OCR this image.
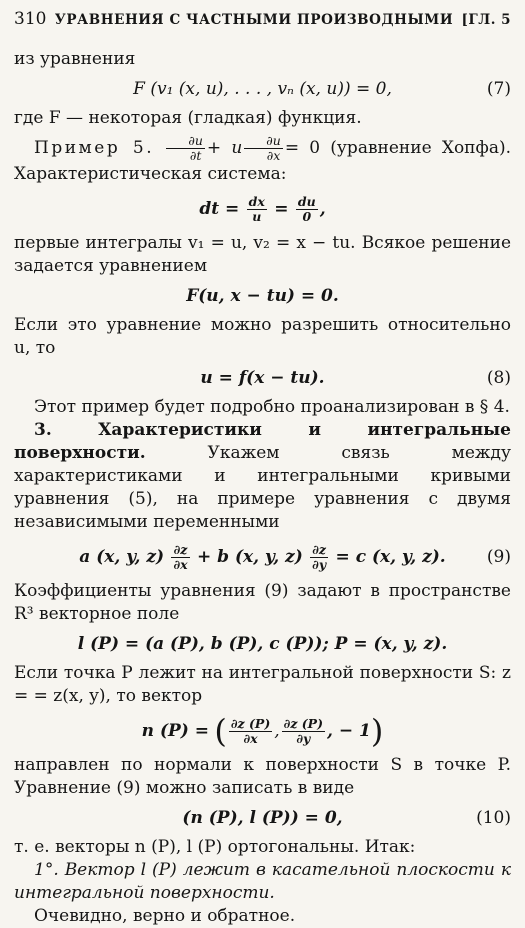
310 УРАВНЕНИЯ С ЧАСТНЫМИ ПРОИЗВОДНЫМИ [ГЛ. 5

из уравнения

F (v₁ (x, u), . . . , vₙ (x, u)) = 0,	(7)

где F — некоторая (гладкая) функция.

Пример 5. $\frac{\partial u}{\partial t} + u \frac{\partial u}{\partial x} = 0$ (уравнение Хопфа). Характеристическая система:

dt = $\frac{dx}{u} = \frac{du}{0}$ ,

первые интегралы v₁ = u, v₂ = x − tu. Всякое решение задается уравнением

F(u, x − tu) = 0.

Если это уравнение можно разрешить относительно u, то

u = f(x − tu).	(8)

Этот пример будет подробно проанализирован в § 4.

3. Характеристики и интегральные поверхности.	Укажем связь между характеристиками и интегральными кривыми уравнения (5), на примере уравнения с двумя независимыми переменными

a (x, y, $z) \frac{\partial z}{\partial x} + b$ (x, y, $z) \frac{\partial z}{\partial y} = c$ (x, y, z).	(9)

Коэффициенты уравнения (9) задают в пространстве R³ векторное поле

l (P) = (a (P), b (P), c (P)); P = (x, y, z).

Если точка P лежит на интегральной поверхности S: z = = z(x, y), то вектор

n (P) = ( $\frac{\partial z (P)}{\partial x}$ , $\frac{\partial z (P)}{\partial y}$ , − 1)

направлен по нормали к поверхности S в точке P. Уравнение (9) можно записать в виде

(n (P), l (P)) = 0,	(10)

т. е. векторы n (P), l (P) ортогональны. Итак:

1°. Вектор l (P) лежит в касательной плоскости к интегральной поверхности.

Очевидно, верно и обратное.
